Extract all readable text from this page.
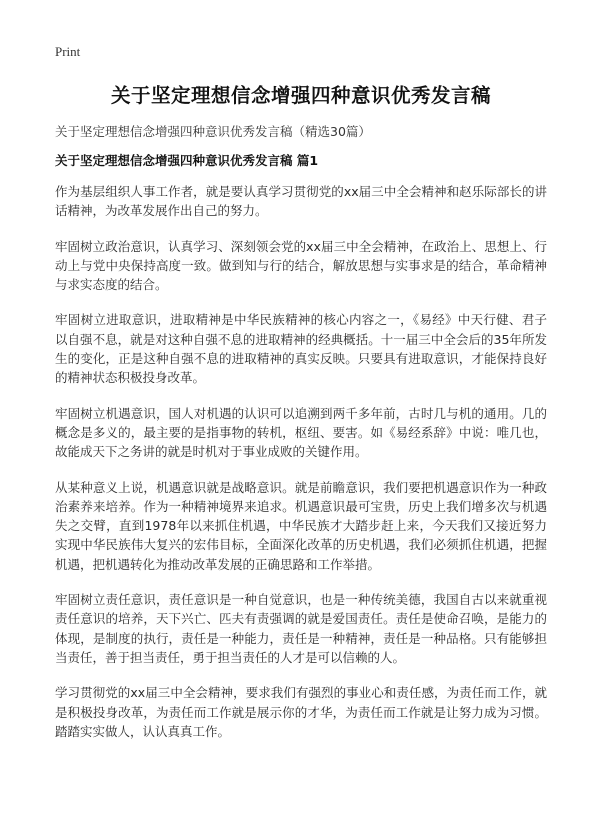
Print
关于坚定理想信念增强四种意识优秀发言稿
关于坚定理想信念增强四种意识优秀发言稿（精选30篇）
关于坚定理想信念增强四种意识优秀发言稿 篇1

作为基层组织人事工作者，就是要认真学习贯彻党的xx届三中全会精神和赵乐际部长的讲话精神，为改革发展作出自己的努力。

牢固树立政治意识，认真学习、深刻领会党的xx届三中全会精神，在政治上、思想上、行动上与党中央保持高度一致。做到知与行的结合，解放思想与实事求是的结合，革命精神与求实态度的结合。

牢固树立进取意识，进取精神是中华民族精神的核心内容之一，《易经》中天行健、君子以自强不息，就是对这种自强不息的进取精神的经典概括。十一届三中全会后的35年所发生的变化，正是这种自强不息的进取精神的真实反映。只要具有进取意识，才能保持良好的精神状态积极投身改革。

牢固树立机遇意识，国人对机遇的认识可以追溯到两千多年前，古时几与机的通用。几的概念是多义的，最主要的是指事物的转机，枢纽、要害。如《易经系辞》中说：唯几也，故能成天下之务讲的就是时机对于事业成败的关键作用。

从某种意义上说，机遇意识就是战略意识。就是前瞻意识，我们要把机遇意识作为一种政治素养来培养。作为一种精神境界来追求。机遇意识最可宝贵，历史上我们增多次与机遇失之交臂，直到1978年以来抓住机遇，中华民族才大踏步赶上来，今天我们又接近努力实现中华民族伟大复兴的宏伟目标，全面深化改革的历史机遇，我们必须抓住机遇，把握机遇，把机遇转化为推动改革发展的正确思路和工作举措。

牢固树立责任意识，责任意识是一种自觉意识，也是一种传统美德，我国自古以来就重视责任意识的培养，天下兴亡、匹夫有责强调的就是爱国责任。责任是使命召唤，是能力的体现，是制度的执行，责任是一种能力，责任是一种精神，责任是一种品格。只有能够担当责任，善于担当责任，勇于担当责任的人才是可以信赖的人。

学习贯彻党的xx届三中全会精神，要求我们有强烈的事业心和责任感，为责任而工作，就是积极投身改革，为责任而工作就是展示你的才华，为责任而工作就是让努力成为习惯。踏踏实实做人，认认真真工作。
